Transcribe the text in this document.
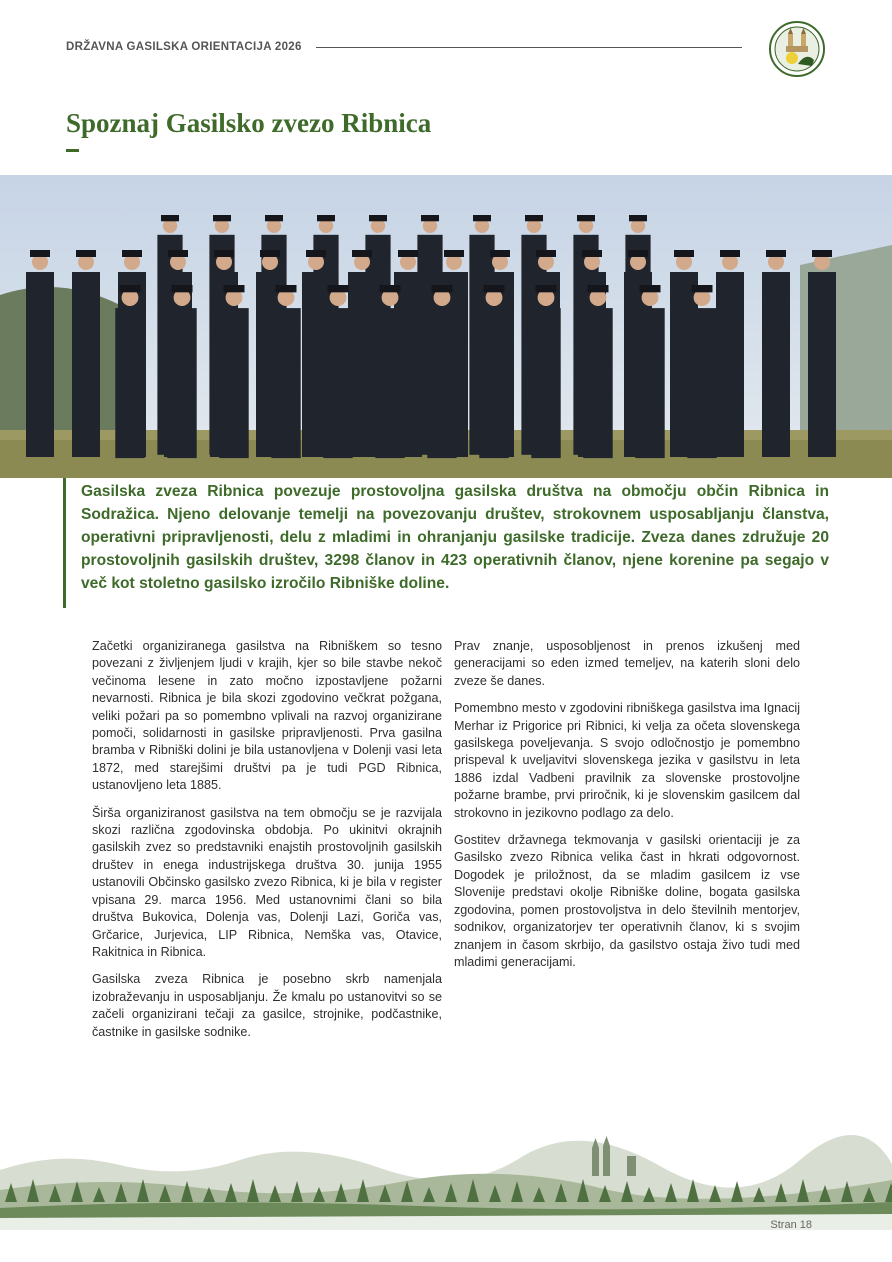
DRŽAVNA GASILSKA ORIENTACIJA 2026
Spoznaj Gasilsko zvezo Ribnica
Gasilska zveza Ribnica povezuje prostovoljna gasilska društva na območju občin Ribnica in Sodražica. Njeno delovanje temelji na povezovanju društev, strokovnem usposabljanju članstva, operativni pripravljenosti, delu z mladimi in ohranjanju gasilske tradicije. Zveza danes združuje 20 prostovoljnih gasilskih društev, 3298 članov in 423 operativnih članov, njene korenine pa segajo v več kot stoletno gasilsko izročilo Ribniške doline.

Začetki organiziranega gasilstva na Ribniškem so tesno povezani z življenjem ljudi v krajih, kjer so bile stavbe nekoč večinoma lesene in zato močno izpostavljene požarni nevarnosti. Ribnica je bila skozi zgodovino večkrat požgana, veliki požari pa so pomembno vplivali na razvoj organizirane pomoči, solidarnosti in gasilske pripravljenosti. Prva gasilna bramba v Ribniški dolini je bila ustanovljena v Dolenji vasi leta 1872, med starejšimi društvi pa je tudi PGD Ribnica, ustanovljeno leta 1885.

Širša organiziranost gasilstva na tem območju se je razvijala skozi različna zgodovinska obdobja. Po ukinitvi okrajnih gasilskih zvez so predstavniki enajstih prostovoljnih gasilskih društev in enega industrijskega društva 30. junija 1955 ustanovili Občinsko gasilsko zvezo Ribnica, ki je bila v register vpisana 29. marca 1956. Med ustanovnimi člani so bila društva Bukovica, Dolenja vas, Dolenji Lazi, Goriča vas, Grčarice, Jurjevica, LIP Ribnica, Nemška vas, Otavice, Rakitnica in Ribnica.

Gasilska zveza Ribnica je posebno skrb namenjala izobraževanju in usposabljanju. Že kmalu po ustanovitvi so se začeli organizirani tečaji za gasilce, strojnike, podčastnike, častnike in gasilske sodnike.

Prav znanje, usposobljenost in prenos izkušenj med generacijami so eden izmed temeljev, na katerih sloni delo zveze še danes.

Pomembno mesto v zgodovini ribniškega gasilstva ima Ignacij Merhar iz Prigorice pri Ribnici, ki velja za očeta slovenskega gasilskega poveljevanja. S svojo odločnostjo je pomembno prispeval k uveljavitvi slovenskega jezika v gasilstvu in leta 1886 izdal Vadbeni pravilnik za slovenske prostovoljne požarne brambe, prvi priročnik, ki je slovenskim gasilcem dal strokovno in jezikovno podlago za delo.

Gostitev državnega tekmovanja v gasilski orientaciji je za Gasilsko zvezo Ribnica velika čast in hkrati odgovornost. Dogodek je priložnost, da se mladim gasilcem iz vse Slovenije predstavi okolje Ribniške doline, bogata gasilska zgodovina, pomen prostovoljstva in delo številnih mentorjev, sodnikov, organizatorjev ter operativnih članov, ki s svojim znanjem in časom skrbijo, da gasilstvo ostaja živo tudi med mladimi generacijami.

Stran 18
